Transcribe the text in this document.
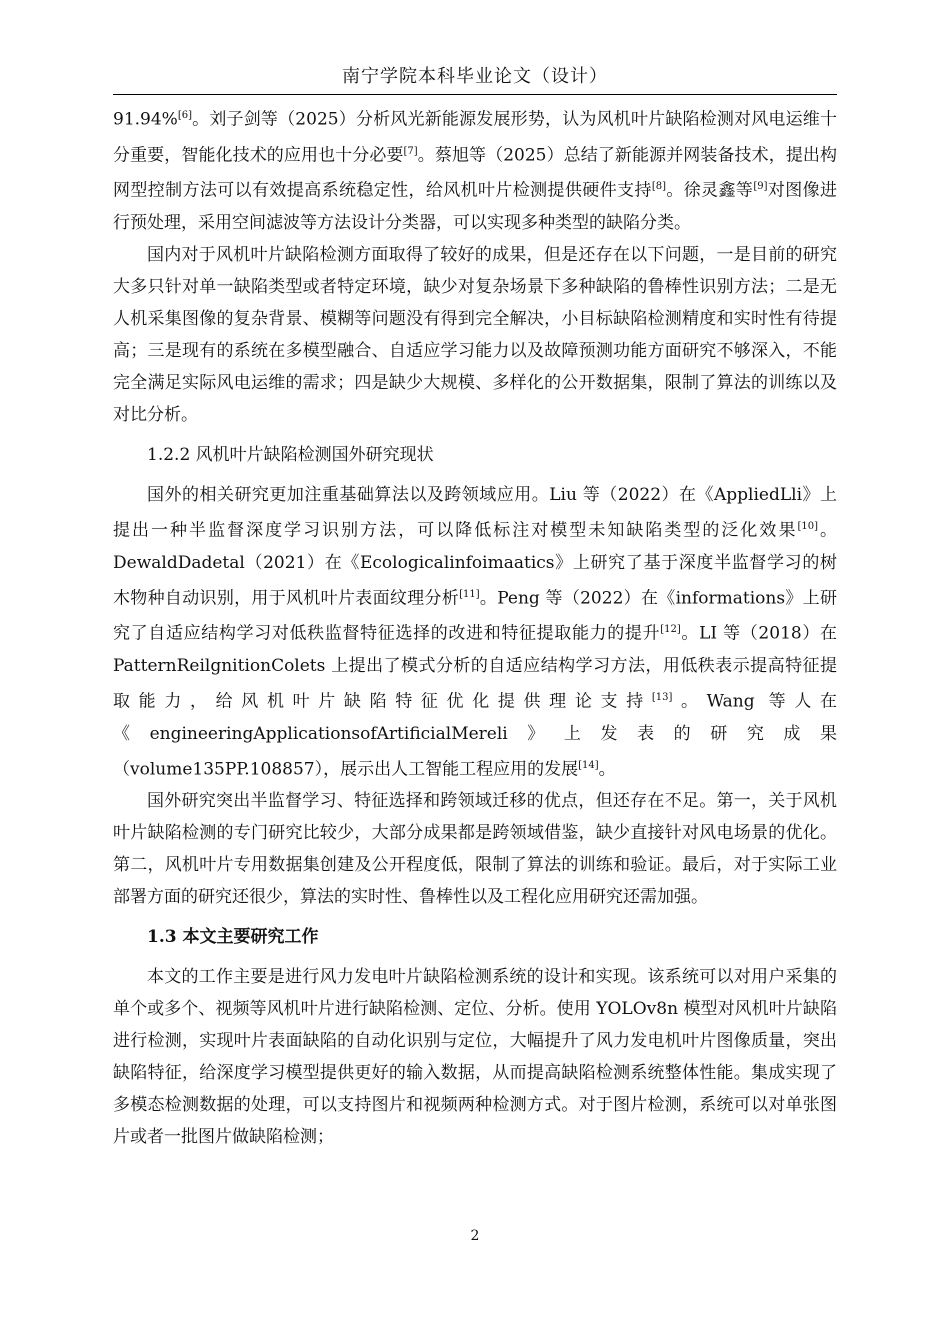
南宁学院本科毕业论文（设计）

91.94%[6]。刘子剑等（2025）分析风光新能源发展形势，认为风机叶片缺陷检测对风电运维十分重要，智能化技术的应用也十分必要[7]。蔡旭等（2025）总结了新能源并网装备技术，提出构网型控制方法可以有效提高系统稳定性，给风机叶片检测提供硬件支持[8]。徐灵鑫等[9]对图像进行预处理，采用空间滤波等方法设计分类器，可以实现多种类型的缺陷分类。

国内对于风机叶片缺陷检测方面取得了较好的成果，但是还存在以下问题，一是目前的研究大多只针对单一缺陷类型或者特定环境，缺少对复杂场景下多种缺陷的鲁棒性识别方法；二是无人机采集图像的复杂背景、模糊等问题没有得到完全解决，小目标缺陷检测精度和实时性有待提高；三是现有的系统在多模型融合、自适应学习能力以及故障预测功能方面研究不够深入，不能完全满足实际风电运维的需求；四是缺少大规模、多样化的公开数据集，限制了算法的训练以及对比分析。

1.2.2 风机叶片缺陷检测国外研究现状

国外的相关研究更加注重基础算法以及跨领域应用。Liu 等（2022）在《AppliedLli》上提出一种半监督深度学习识别方法，可以降低标注对模型未知缺陷类型的泛化效果[10]。DewaldDadetal（2021）在《Ecologicalinfoimaatics》上研究了基于深度半监督学习的树木物种自动识别，用于风机叶片表面纹理分析[11]。Peng 等（2022）在《informations》上研究了自适应结构学习对低秩监督特征选择的改进和特征提取能力的提升[12]。LI 等（2018）在 PatternReilgnitionColets 上提出了模式分析的自适应结构学习方法，用低秩表示提高特征提取能力，给风机叶片缺陷特征优化提供理论支持[13]。Wang 等人在《engineeringApplicationsofArtificialMereli》上发表的研究成果（volume135PP.108857），展示出人工智能工程应用的发展[14]。

国外研究突出半监督学习、特征选择和跨领域迁移的优点，但还存在不足。第一，关于风机叶片缺陷检测的专门研究比较少，大部分成果都是跨领域借鉴，缺少直接针对风电场景的优化。第二，风机叶片专用数据集创建及公开程度低，限制了算法的训练和验证。最后，对于实际工业部署方面的研究还很少，算法的实时性、鲁棒性以及工程化应用研究还需加强。

1.3 本文主要研究工作

本文的工作主要是进行风力发电叶片缺陷检测系统的设计和实现。该系统可以对用户采集的单个或多个、视频等风机叶片进行缺陷检测、定位、分析。使用 YOLOv8n 模型对风机叶片缺陷进行检测，实现叶片表面缺陷的自动化识别与定位，大幅提升了风力发电机叶片图像质量，突出缺陷特征，给深度学习模型提供更好的输入数据，从而提高缺陷检测系统整体性能。集成实现了多模态检测数据的处理，可以支持图片和视频两种检测方式。对于图片检测，系统可以对单张图片或者一批图片做缺陷检测；

2
